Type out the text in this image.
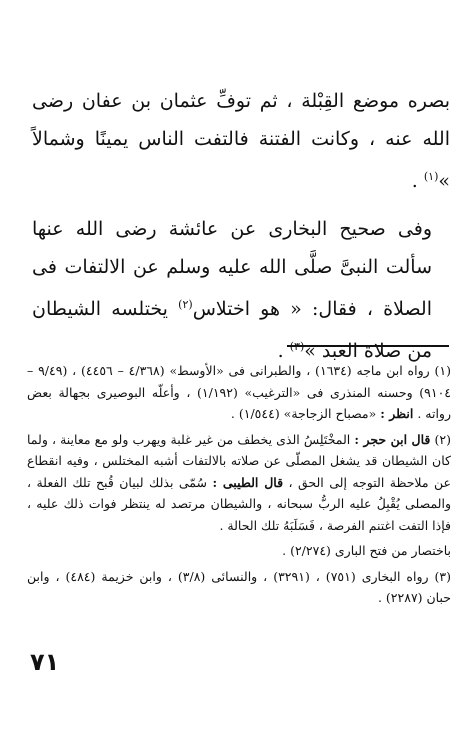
بصره موضع القِبْلة ، ثم توفِّ عثمان بن عفان رضى الله عنه ، وكانت الفتنة فالتفت الناس يمينًا وشمالاً »$^{(١)}$ .

وفى صحيح البخارى عن عائشة رضى الله عنها سألت النبىَّ صلَّى الله عليه وسلم عن الالتفات فى الصلاة ، فقال: « هو اختلاس$^{(٢)}$ يختلسه الشيطان من صلاة العبد »$^{(٣)}$ .

(١) رواه ابن ماجه (١٦٣٤) ، والطبرانى فى «الأوسط» (٤/٣٦٨ – ٤٤٥٦) ، (٩/٤٩ – ٩١٠٤) وحسنه المنذرى فى «الترغيب» (١/١٩٢) ، وأعلّه البوصيرى بجهالة بعض رواته . انظر : «مصباح الزجاجة» (١/٥٤٤) .

(٢) قال ابن حجر : المخْتَلِسُ الذى يخطف من غير غلبة ويهرب ولو مع معاينة ، ولما كان الشيطان قد يشغل المصلّى عن صلاته بالالتفات أشبه المختلس ، وفيه انقطاع عن ملاحظة التوجه إلى الحق ، قال الطيبى : سُمّى بذلك لبيان قُبح تلك الفعلة ، والمصلى يُقْبِلُ عليه الربُّ سبحانه ، والشيطان مرتصد له ينتظر فوات ذلك عليه ، فإذا التفت اغتنم الفرصة ، فَسَلَبَهُ تلك الحالة .

باختصار من فتح البارى (٢/٢٧٤) .

(٣) رواه البخارى (٧٥١) ، (٣٢٩١) ، والنسائى (٣/٨) ، وابن خزيمة (٤٨٤) ، وابن حبان (٢٢٨٧) .

٧١
